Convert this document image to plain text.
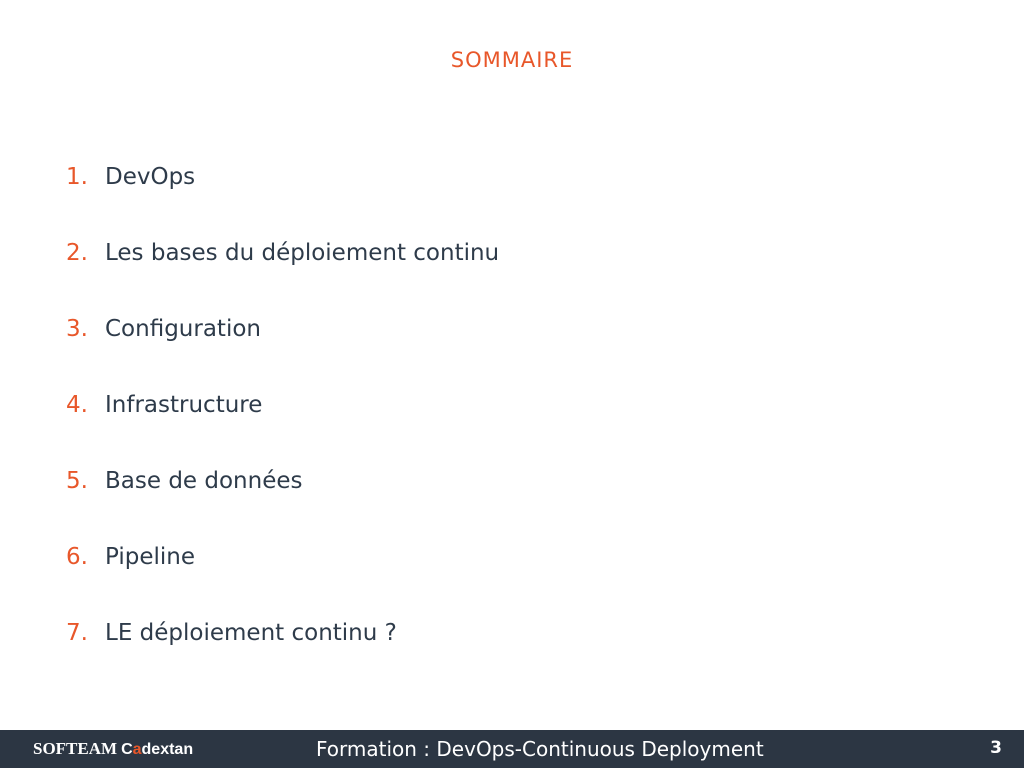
SOMMAIRE
1. DevOps
2. Les bases du déploiement continu
3. Configuration
4. Infrastructure
5. Base de données
6. Pipeline
7. LE déploiement continu ?
SOFTEAM Cadextan	Formation : DevOps-Continuous Deployment	3
